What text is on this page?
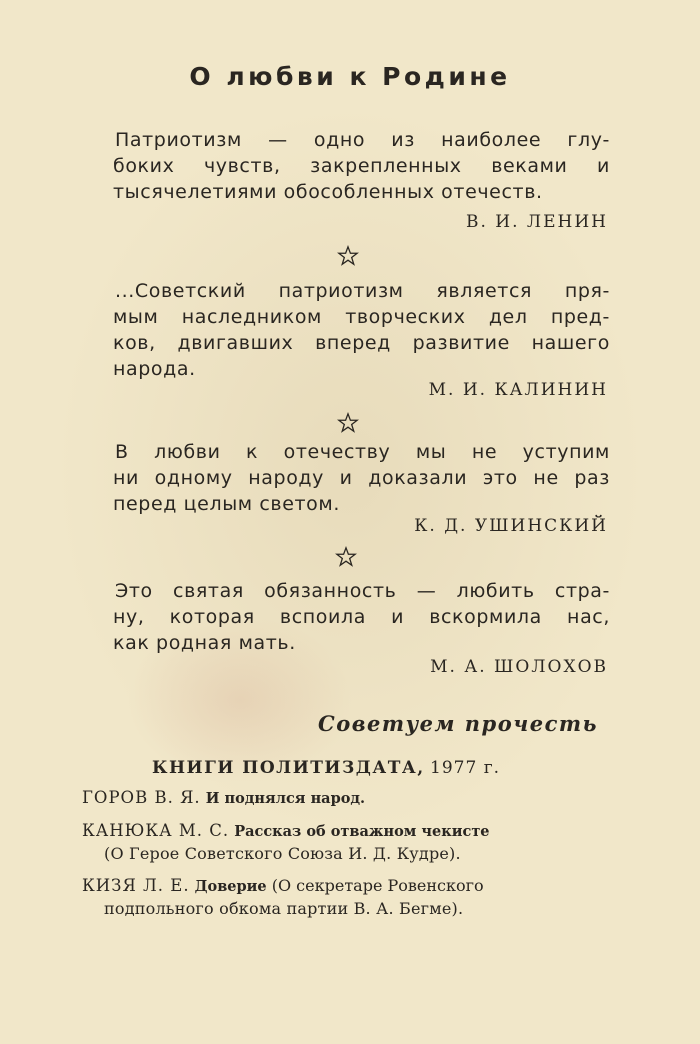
О любви к Родине
Патриотизм — одно из наиболее глу-
боких чувств, закрепленных веками и
тысячелетиями обособленных отечеств.
В. И. ЛЕНИН
...Советский патриотизм является пря-
мым наследником творческих дел пред-
ков, двигавших вперед развитие нашего
народа.
М. И. КАЛИНИН
В любви к отечеству мы не уступим
ни одному народу и доказали это не раз
перед целым светом.
К. Д. УШИНСКИЙ
Это святая обязанность — любить стра-
ну, которая вспоила и вскормила нас,
как родная мать.
М. А. ШОЛОХОВ
Советуем прочесть
КНИГИ ПОЛИТИЗДАТА, 1977 г.
ГОРОВ В. Я. И поднялся народ.
КАНЮКА М. С. Рассказ об отважном чекисте
(О Герое Советского Союза И. Д. Кудре).
КИЗЯ Л. Е. Доверие (О секретаре Ровенского
подпольного обкома партии В. А. Бегме).
